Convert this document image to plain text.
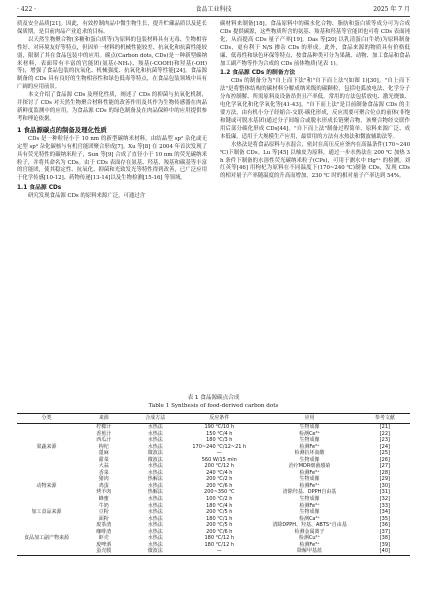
· 422 ·	食品工业科技	2025 年 7 月

质及安全品质[21]。因此，有效控制肉品中微生物生长，提升贮藏品质以及延长保质期，是目前肉品产业追求的目标。

以天然生物聚合物(多糖和蛋白质等)为原料的包装材料具有无毒、生物相容性好、对环境友好等特点，但因单一材料的机械性能较差、抗氧化和抗菌性能较弱，限制了其在食品包装中的应用。碳点(Carbon dots, CDs)是一种新型碳纳米材料，表面带有丰富的官能团(氨基(-NH₂)、羧基(-COOH)和羟基(-OH)等)，增强了食品包装的抗氧化、机械强度、抗氧化和抗菌等性能[24]。食品源制备的 CDs 具有良好的生物相容性和绿色低毒等特点，在食品包装领域中具有广阔的应用前景。

本文介绍了食品源 CDs 及理化性质，阐述了 CDs 的抑菌与抗氧化机制，并探讨了 CDs 对天然生物聚合材料性能的改善作用及其作为生物传感器在肉品新鲜度监测中的应用，为食品源 CDs 的绿色制备及在肉品保鲜中的应用提供参考和理论依据。

1 食品源碳点的制备及理化性质

CDs 是一种粒径小于 10 nm 的新型碳纳米材料，由结晶型 sp² 杂化或无定型 sp³ 杂化碳核与有机官能团聚合形成[7]。Xu 等[8] 在 2004 年首次发现了具有荧光特性的碳纳米粒子，Sun 等[9] 合成了直径小于 10 nm 的荧光碳纳米粒子，并将其命名为 CDs。由于 CDs 表面存在氨基、羟基、羧基和碳基等丰富的官能团，使其稳定性、抗氧化、抑菌和光致发光等特性得到改善，已广泛应用于化学传感[10-12]、药物传递[13-14]以及生物检测[15-16] 等领域。

1.1 食品源 CDs

研究发现食品源 CDs 的原料来源广泛，可通过含

碳材料来制备[18]。食品原料中的碳水化合物、脂肪和蛋白质等成分可为合成 CDs 提供碳源，这些物质所含的氨基、羧基和羟基等官能团也可将 CDs 表面钝化，从而提高 CDs 量子产率[19]。Das 等[20] 以乳清蛋白(牛奶)为原料制备 CDs，更有利于 N/S 掺杂 CDs 的形成。此外，食品来源的物质具有价格低廉、低毒性和绿色环保等特点，按食品种类可分为果蔬、动物、加工食品和食品加工副产物等作为合成的 CDs 前体物质(见表 1)。

1.2 食品源 CDs 的制备方法

CDs 的制备分为"自上而下法"和"自下而上法"(如图 1)[30]。"自上而下法"是将整体结构的碳材料分解成纳米级的碳颗粒，包括电弧放电法、化学分子分布控制解、所需原料及设备昂贵且产率低，常用的方法包括放电、激光烧蚀、电化学氧化和化学氧化等[41-43]。"自下而上法"是目前制备食品源 CDs 的主要方法，由有机小分子经缩合-交联-碳化形成，反应需要可聚合位点的前体(非饱和键或可脱水基团)通过分子间缩合或脱水形成长链聚合物，该聚合物经交联作用后部分碳化形成 CDs[44]。"自下而上法"制备过程简单、原料来源广泛、成本低廉，适用于大规模生产应用，最常用的方法有水热法和微波辅助法等。

水热法是将食品原料与水混合，密封在高压反应釜内在高温条件(170~240 ℃)下制备 CDs。Lu 等[45] 以柚皮为原料，通过一步水热法在 200 ℃ 加热 3 h 条件下制备的水溶性荧光碳纳米粒子(CPs)，可用于测水中 Hg²⁺ 的检测。刘红英等[46] 用枸杞为原料在不同温度下(170~240 ℃)制备 CDs，发现 CDs 的相对量子产率随温度的升高而增加，230 ℃ 时的相对量子产率达到 54%。

表 1 食品源碳点合成
Table 1 Synthesis of food-derived carbon dots
分类	来源	合成方法	反应条件	应用	参考文献
果蔬来源	柠檬汁	水热法	190 ℃/10 h	生物成像	[21]
	香蕉汁	水热法	150 ℃/4 h	检测Ce³⁺	[22]
	西瓜汁	水热法	180 ℃/3 h	生物成像	[23]
	枸杞	水热法	170~240 ℃/12~21 h	检测Fe³⁺	[24]
	蓖麻	微波法	—	检测抗坏血酸	[25]
	甜菜	微波法	560 W/15 min	生物成像	[26]
	大蒜	水热法	200 ℃/12 h	治疗MDR细菌感染	[27]
动物来源	香菜	水热法	240 ℃/4 h	检测Fe³⁺	[28]
	猪肉	热解法	200 ℃/2 h	生物成像	[29]
	鸡蛋	水热法	200 ℃/6 h	检测Fe³⁺	[30]
	烤羊肉	热解法	200~350 ℃	清除羟基、DPPH自由基	[31]
	蜂蜜	水热法	100 ℃/2 h	生物成像	[32]
加工食品来源	牛奶	水热法	180 ℃/4 h	检测Fe³⁺	[33]
	豆粉	水热法	200 ℃/5 h	生物成像	[34]
	面粉	水热法	180 ℃/1 h	检测Ca²⁺	[35]
食品加工副产物来源	废茶渣	水热法	200 ℃/5 h	清除DPPH、羟基、ABTS⁺自由基	[36]
	咖啡渣	水热法	200 ℃/6 h	检测金属离子	[37]
	虾壳	水热法	180 ℃/12 h	检测Cu²⁺	[38]
	废啤酒	水热法	180 ℃/12 h	检测Fe³⁺	[39]
	蛋壳膜	微波法	—	降解甲基蓝	[40]
